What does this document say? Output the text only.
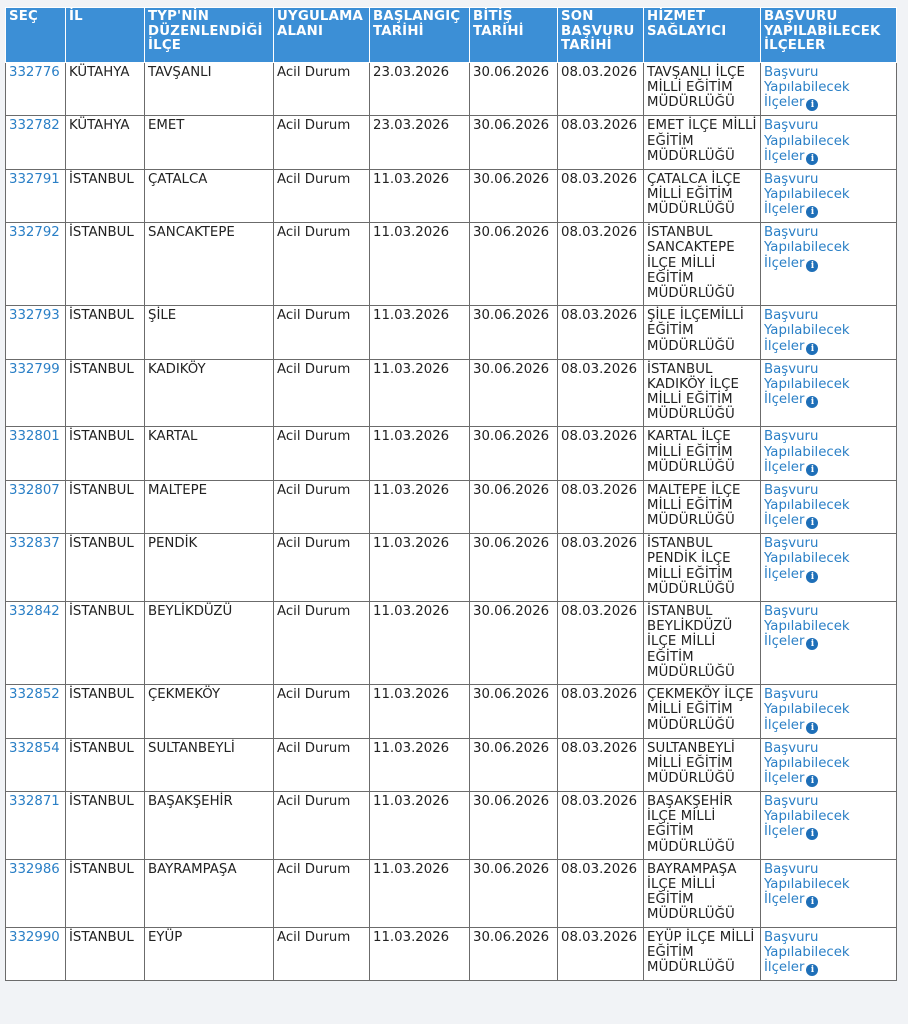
SEÇ	İL	TYP'NİN DÜZENLENDİĞİ İLÇE	UYGULAMA ALANI	BAŞLANGIÇ TARİHİ	BİTİŞ TARİHİ	SON BAŞVURU TARİHİ	HİZMET SAĞLAYICI	BAŞVURU YAPILABİLECEK İLÇELER
332776	KÜTAHYA	TAVŞANLI	Acil Durum	23.03.2026	30.06.2026	08.03.2026	TAVŞANLI İLÇE MİLLİ EĞİTİM MÜDÜRLÜĞÜ	Başvuru Yapılabilecek İlçeler i
332782	KÜTAHYA	EMET	Acil Durum	23.03.2026	30.06.2026	08.03.2026	EMET İLÇE MİLLİ EĞİTİM MÜDÜRLÜĞÜ	Başvuru Yapılabilecek İlçeler i
332791	İSTANBUL	ÇATALCA	Acil Durum	11.03.2026	30.06.2026	08.03.2026	ÇATALCA İLÇE MİLLİ EĞİTİM MÜDÜRLÜĞÜ	Başvuru Yapılabilecek İlçeler i
332792	İSTANBUL	SANCAKTEPE	Acil Durum	11.03.2026	30.06.2026	08.03.2026	İSTANBUL SANCAKTEPE İLÇE MİLLİ EĞİTİM MÜDÜRLÜĞÜ	Başvuru Yapılabilecek İlçeler i
332793	İSTANBUL	ŞİLE	Acil Durum	11.03.2026	30.06.2026	08.03.2026	ŞİLE İLÇEMİLLİ EĞİTİM MÜDÜRLÜĞÜ	Başvuru Yapılabilecek İlçeler i
332799	İSTANBUL	KADIKÖY	Acil Durum	11.03.2026	30.06.2026	08.03.2026	İSTANBUL KADIKÖY İLÇE MİLLİ EĞİTİM MÜDÜRLÜĞÜ	Başvuru Yapılabilecek İlçeler i
332801	İSTANBUL	KARTAL	Acil Durum	11.03.2026	30.06.2026	08.03.2026	KARTAL İLÇE MİLLİ EĞİTİM MÜDÜRLÜĞÜ	Başvuru Yapılabilecek İlçeler i
332807	İSTANBUL	MALTEPE	Acil Durum	11.03.2026	30.06.2026	08.03.2026	MALTEPE İLÇE MİLLİ EĞİTİM MÜDÜRLÜĞÜ	Başvuru Yapılabilecek İlçeler i
332837	İSTANBUL	PENDİK	Acil Durum	11.03.2026	30.06.2026	08.03.2026	İSTANBUL PENDİK İLÇE MİLLİ EĞİTİM MÜDÜRLÜĞÜ	Başvuru Yapılabilecek İlçeler i
332842	İSTANBUL	BEYLİKDÜZÜ	Acil Durum	11.03.2026	30.06.2026	08.03.2026	İSTANBUL BEYLİKDÜZÜ İLÇE MİLLİ EĞİTİM MÜDÜRLÜĞÜ	Başvuru Yapılabilecek İlçeler i
332852	İSTANBUL	ÇEKMEKÖY	Acil Durum	11.03.2026	30.06.2026	08.03.2026	ÇEKMEKÖY İLÇE MİLLİ EĞİTİM MÜDÜRLÜĞÜ	Başvuru Yapılabilecek İlçeler i
332854	İSTANBUL	SULTANBEYLİ	Acil Durum	11.03.2026	30.06.2026	08.03.2026	SULTANBEYLİ MİLLİ EĞİTİM MÜDÜRLÜĞÜ	Başvuru Yapılabilecek İlçeler i
332871	İSTANBUL	BAŞAKŞEHİR	Acil Durum	11.03.2026	30.06.2026	08.03.2026	BAŞAKŞEHİR İLÇE MİLLİ EĞİTİM MÜDÜRLÜĞÜ	Başvuru Yapılabilecek İlçeler i
332986	İSTANBUL	BAYRAMPAŞA	Acil Durum	11.03.2026	30.06.2026	08.03.2026	BAYRAMPAŞA İLÇE MİLLİ EĞİTİM MÜDÜRLÜĞÜ	Başvuru Yapılabilecek İlçeler i
332990	İSTANBUL	EYÜP	Acil Durum	11.03.2026	30.06.2026	08.03.2026	EYÜP İLÇE MİLLİ EĞİTİM MÜDÜRLÜĞÜ	Başvuru Yapılabilecek İlçeler i
